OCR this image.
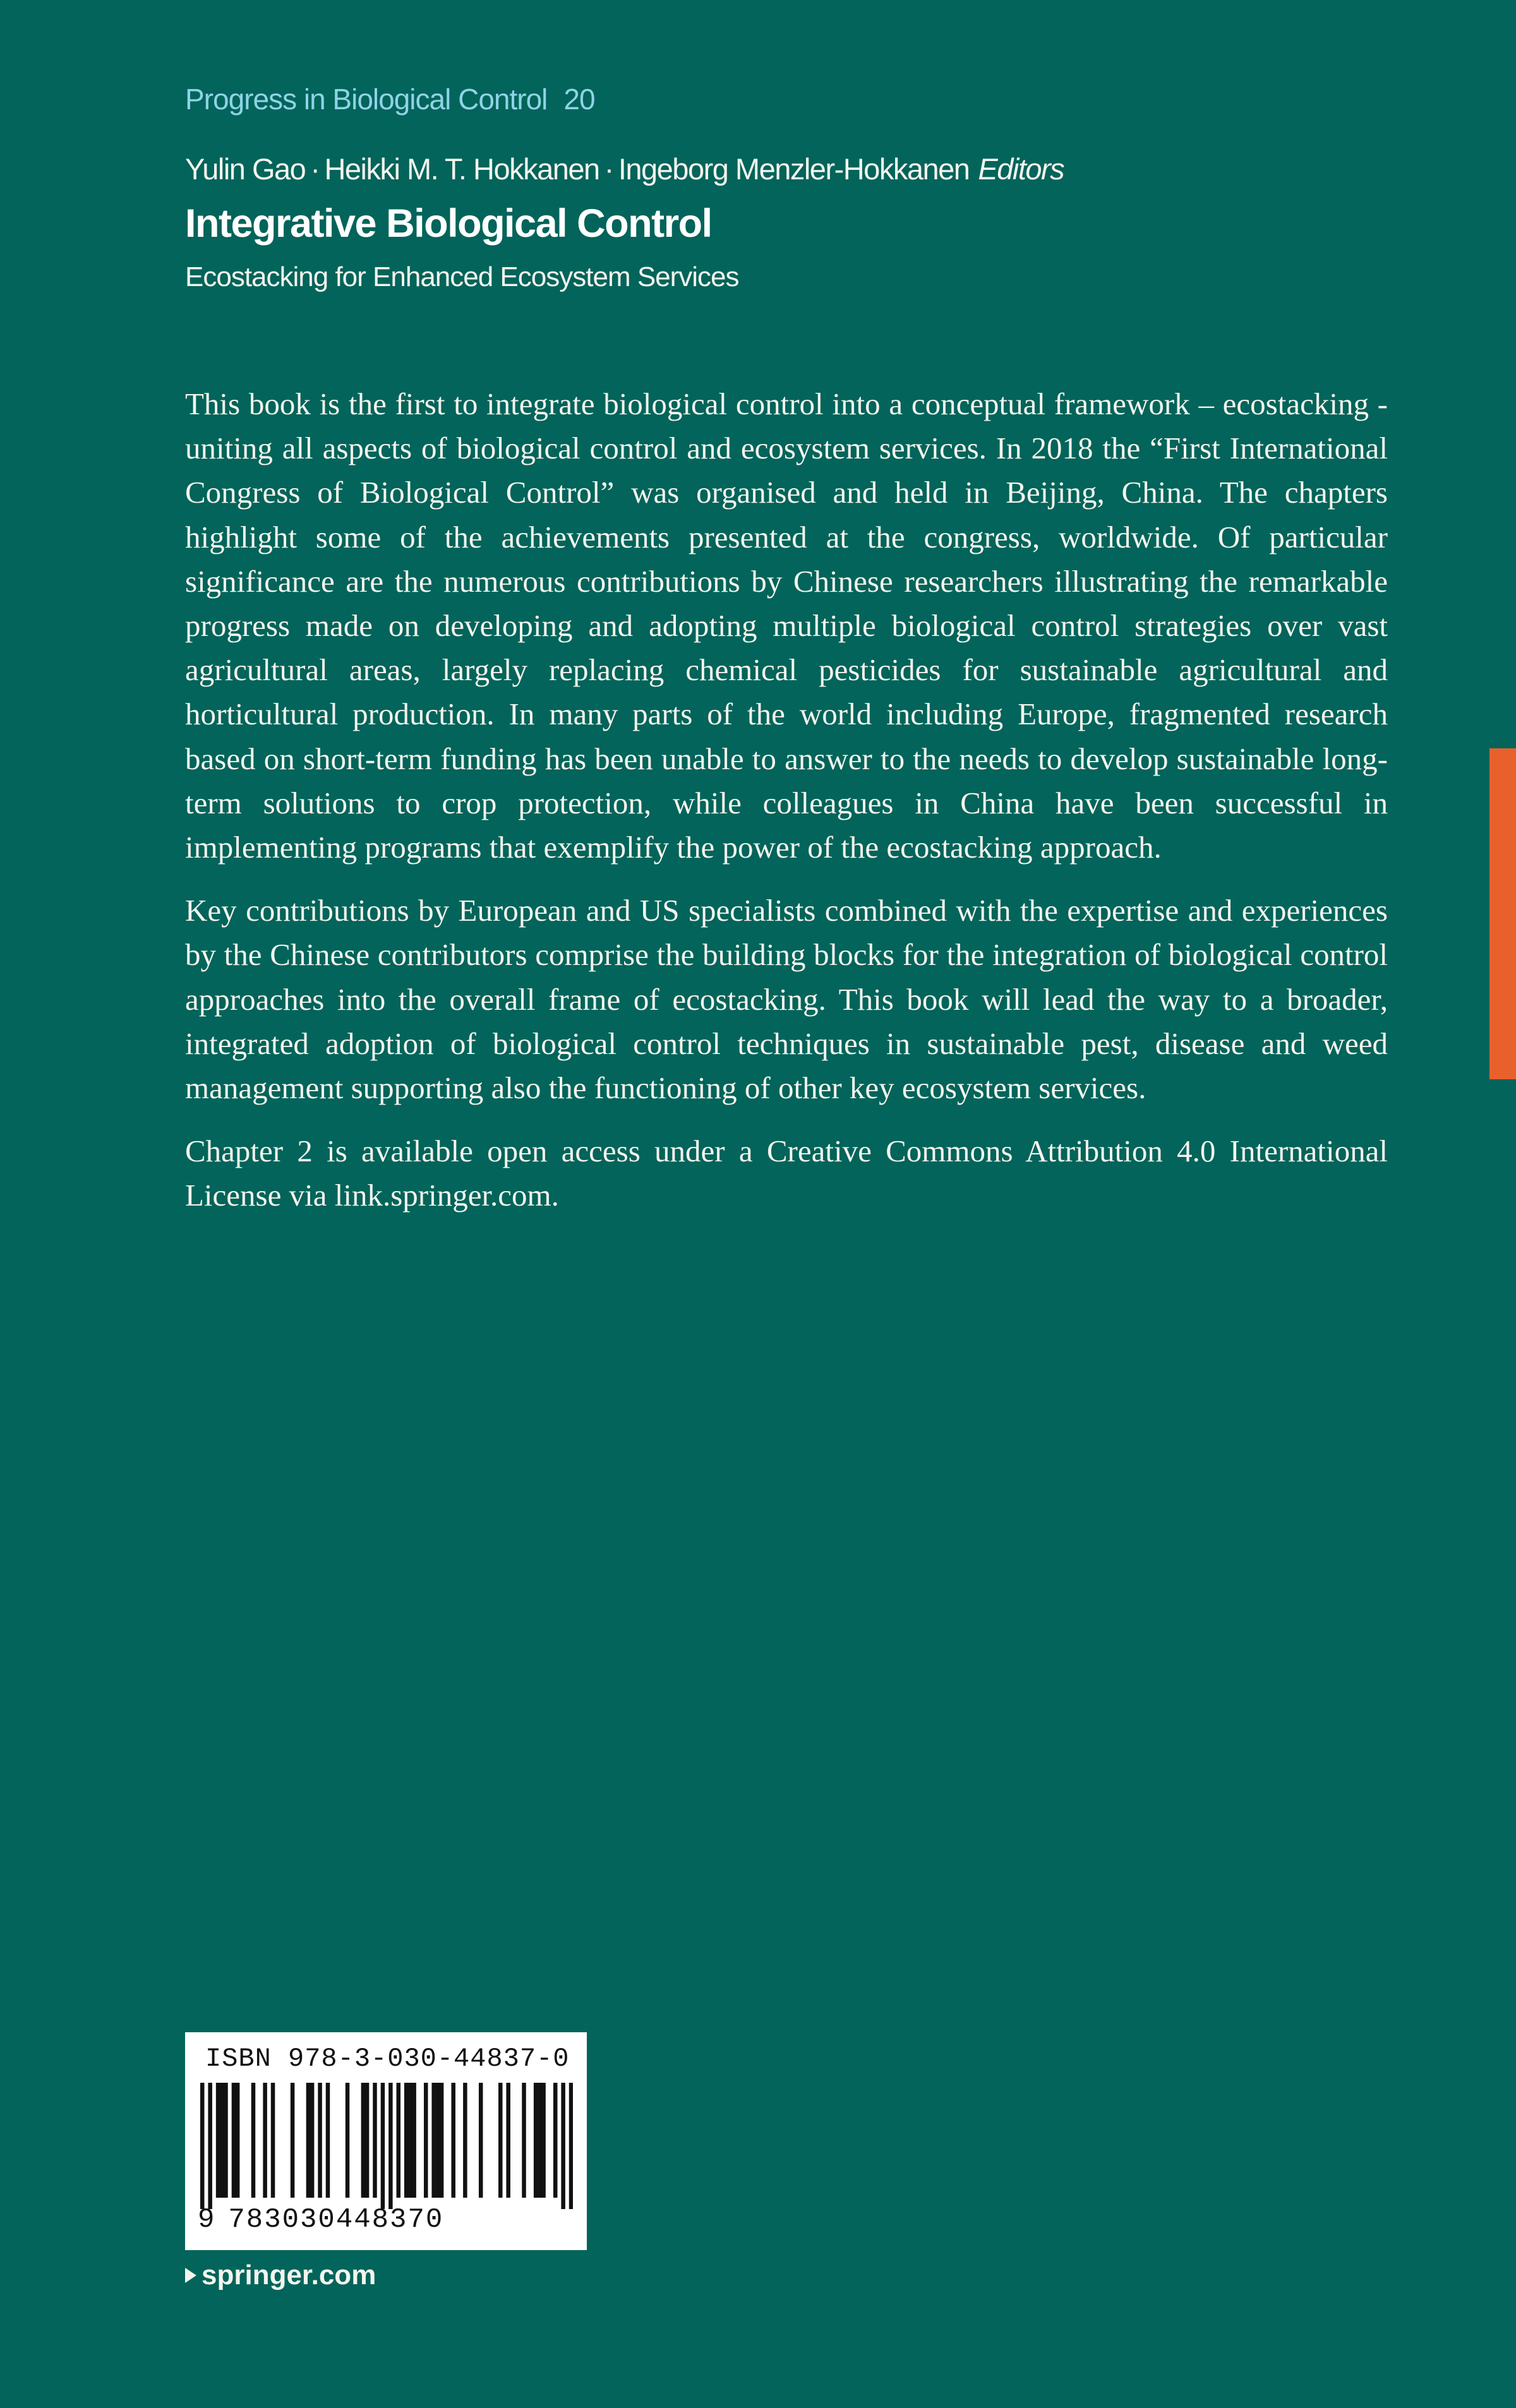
Progress in Biological Control 20
Yulin Gao · Heikki M. T. Hokkanen · Ingeborg Menzler-Hokkanen Editors
Integrative Biological Control
Ecostacking for Enhanced Ecosystem Services

This book is the first to integrate biological control into a conceptual framework – ecostacking - uniting all aspects of biological control and ecosystem services. In 2018 the “First International Congress of Biological Control” was organised and held in Beijing, China. The chapters highlight some of the achievements presented at the congress, worldwide. Of particular significance are the numerous contributions by Chinese researchers illustrating the remarkable progress made on developing and adopting multiple biological control strategies over vast agricultural areas, largely replacing chemical pesticides for sustainable agricultural and horticultural production. In many parts of the world including Europe, fragmented research based on short-term funding has been unable to answer to the needs to develop sustainable long-term solutions to crop protection, while colleagues in China have been successful in implementing programs that exemplify the power of the ecostacking approach.

Key contributions by European and US specialists combined with the expertise and experiences by the Chinese contributors comprise the building blocks for the integration of biological control approaches into the overall frame of ecostacking. This book will lead the way to a broader, integrated adoption of biological control techniques in sustainable pest, disease and weed management supporting also the functioning of other key ecosystem services.

Chapter 2 is available open access under a Creative Commons Attribution 4.0 International License via link.springer.com.

ISBN 978-3-030-44837-0
9 783030448370
springer.com
